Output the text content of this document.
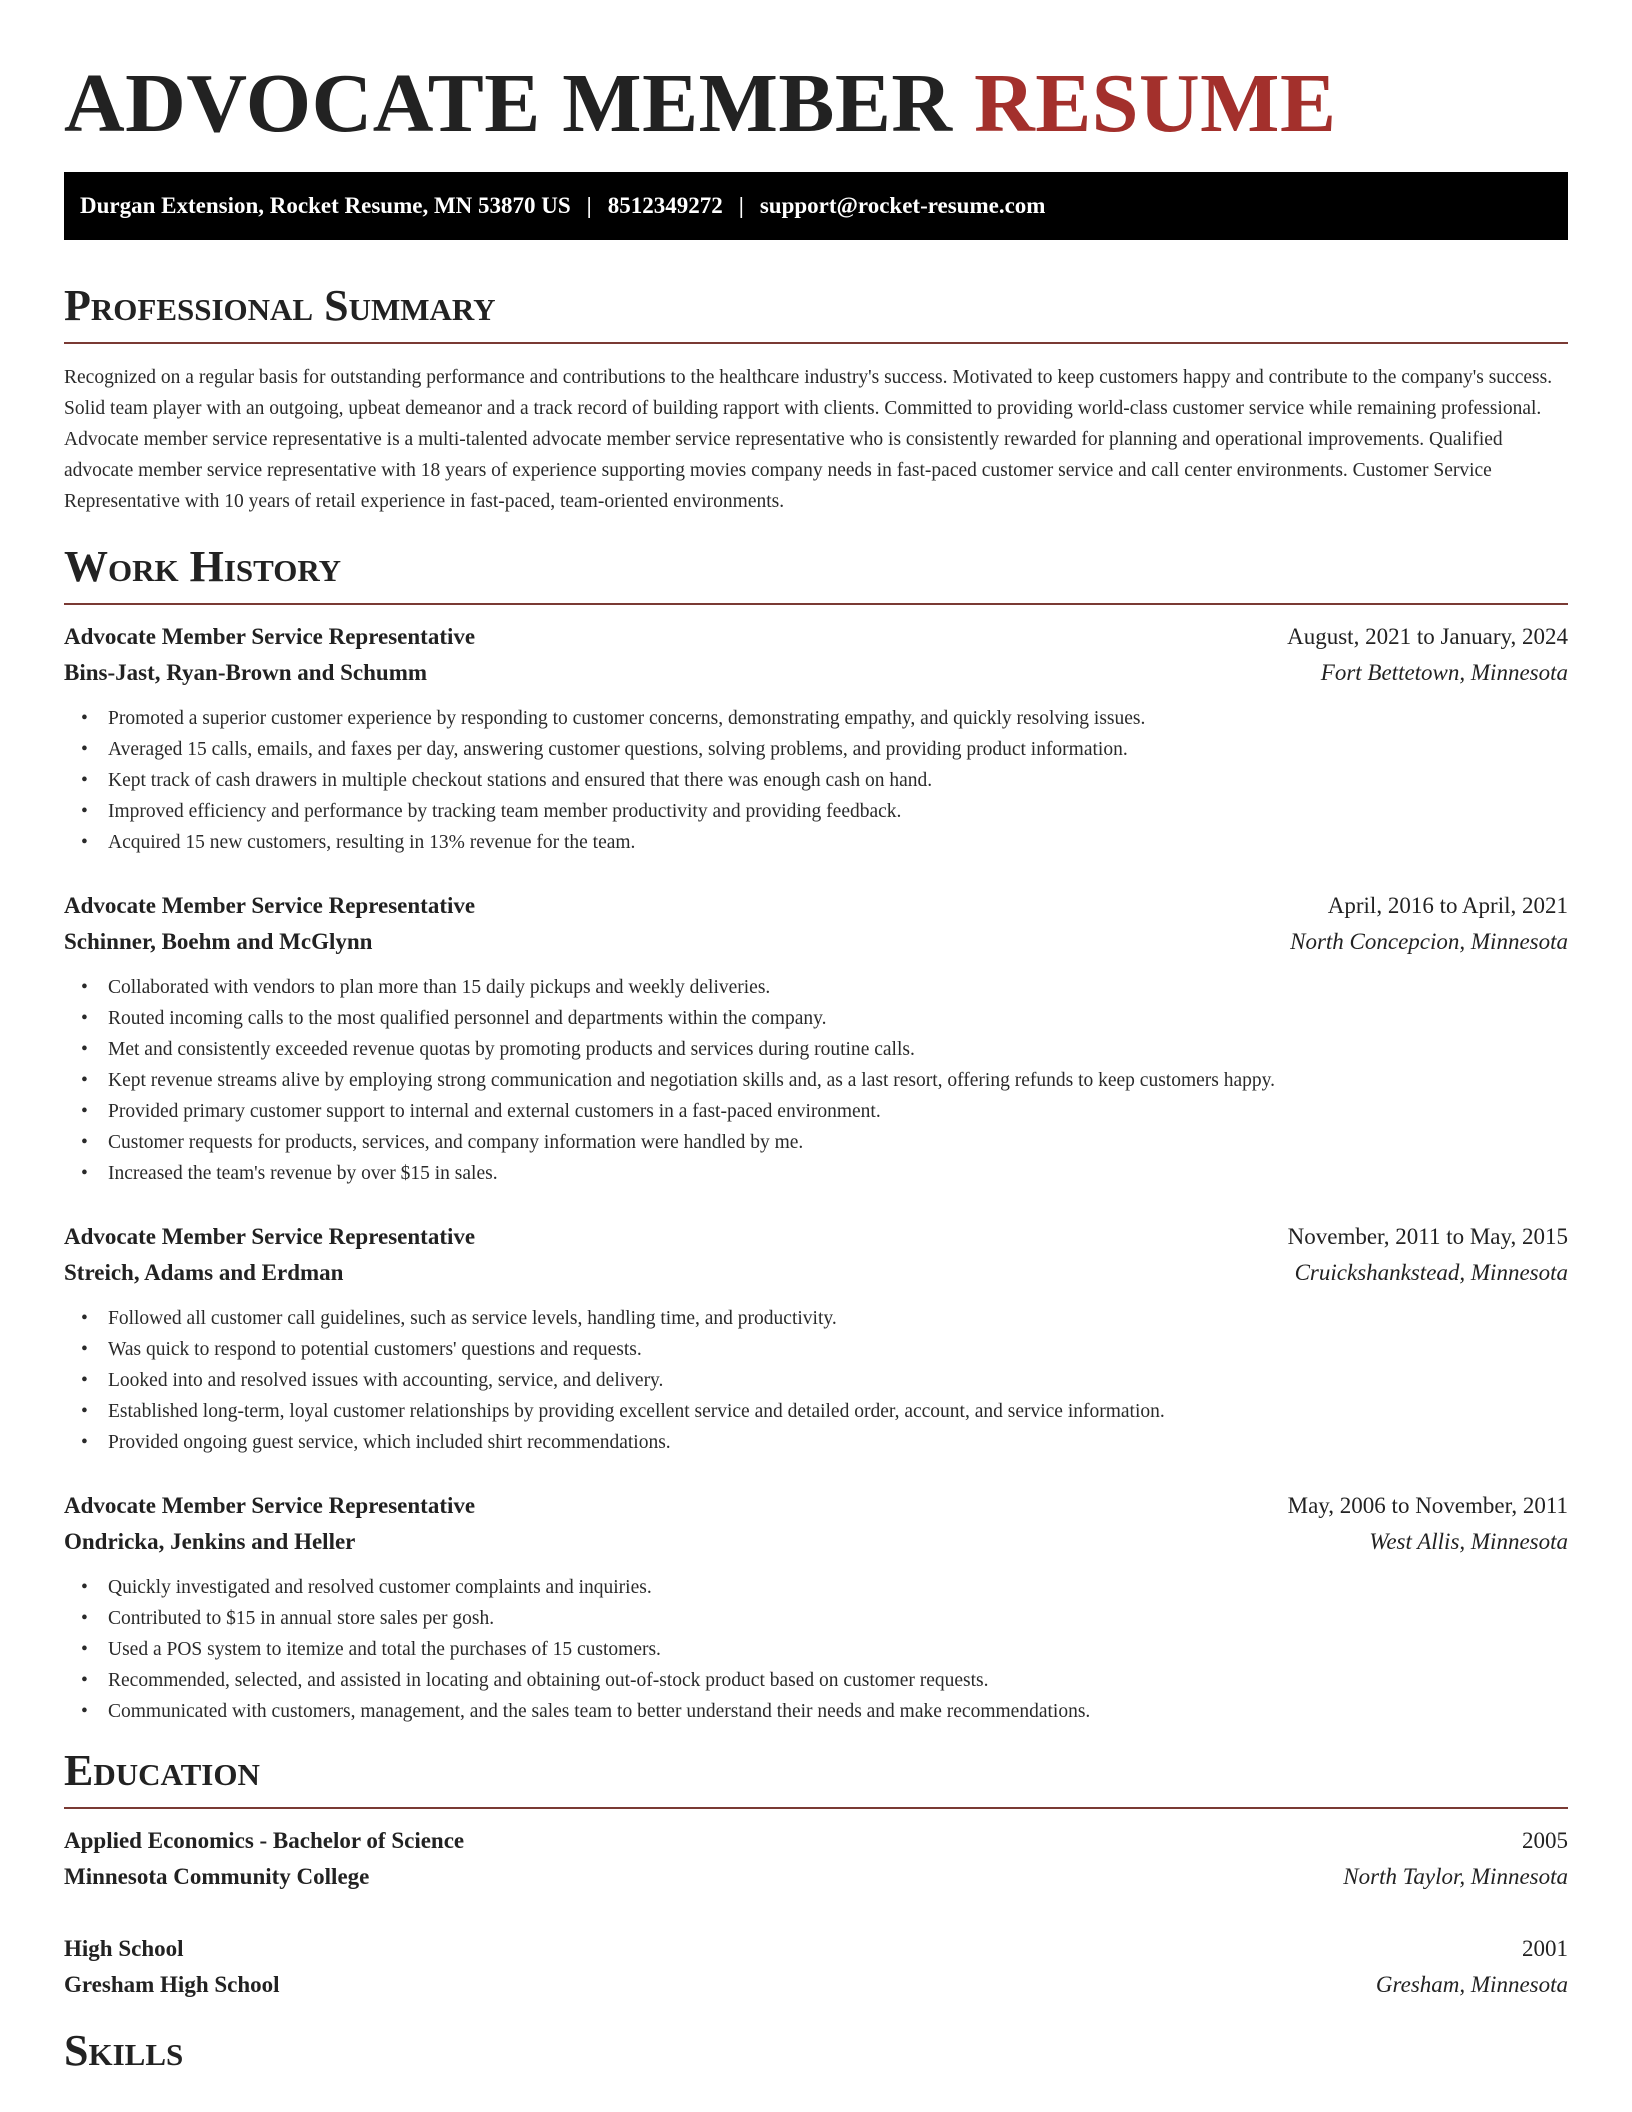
ADVOCATE MEMBER RESUME
Durgan Extension, Rocket Resume, MN 53870 US | 8512349272 | support@rocket-resume.com
Professional Summary

Recognized on a regular basis for outstanding performance and contributions to the healthcare industry's success. Motivated to keep customers happy and contribute to the company's success. Solid team player with an outgoing, upbeat demeanor and a track record of building rapport with clients. Committed to providing world-class customer service while remaining professional. Advocate member service representative is a multi-talented advocate member service representative who is consistently rewarded for planning and operational improvements. Qualified advocate member service representative with 18 years of experience supporting movies company needs in fast-paced customer service and call center environments. Customer Service Representative with 10 years of retail experience in fast-paced, team-oriented environments.

Work History
Advocate Member Service Representative	August, 2021 to January, 2024
Bins-Jast, Ryan-Brown and Schumm	Fort Bettetown, Minnesota
• Promoted a superior customer experience by responding to customer concerns, demonstrating empathy, and quickly resolving issues.
• Averaged 15 calls, emails, and faxes per day, answering customer questions, solving problems, and providing product information.
• Kept track of cash drawers in multiple checkout stations and ensured that there was enough cash on hand.
• Improved efficiency and performance by tracking team member productivity and providing feedback.
• Acquired 15 new customers, resulting in 13% revenue for the team.
Advocate Member Service Representative	April, 2016 to April, 2021
Schinner, Boehm and McGlynn	North Concepcion, Minnesota
• Collaborated with vendors to plan more than 15 daily pickups and weekly deliveries.
• Routed incoming calls to the most qualified personnel and departments within the company.
• Met and consistently exceeded revenue quotas by promoting products and services during routine calls.
• Kept revenue streams alive by employing strong communication and negotiation skills and, as a last resort, offering refunds to keep customers happy.
• Provided primary customer support to internal and external customers in a fast-paced environment.
• Customer requests for products, services, and company information were handled by me.
• Increased the team's revenue by over $15 in sales.
Advocate Member Service Representative	November, 2011 to May, 2015
Streich, Adams and Erdman	Cruickshankstead, Minnesota
• Followed all customer call guidelines, such as service levels, handling time, and productivity.
• Was quick to respond to potential customers' questions and requests.
• Looked into and resolved issues with accounting, service, and delivery.
• Established long-term, loyal customer relationships by providing excellent service and detailed order, account, and service information.
• Provided ongoing guest service, which included shirt recommendations.
Advocate Member Service Representative	May, 2006 to November, 2011
Ondricka, Jenkins and Heller	West Allis, Minnesota
• Quickly investigated and resolved customer complaints and inquiries.
• Contributed to $15 in annual store sales per gosh.
• Used a POS system to itemize and total the purchases of 15 customers.
• Recommended, selected, and assisted in locating and obtaining out-of-stock product based on customer requests.
• Communicated with customers, management, and the sales team to better understand their needs and make recommendations.
Education
Applied Economics - Bachelor of Science	2005
Minnesota Community College	North Taylor, Minnesota
High School	2001
Gresham High School	Gresham, Minnesota
Skills
